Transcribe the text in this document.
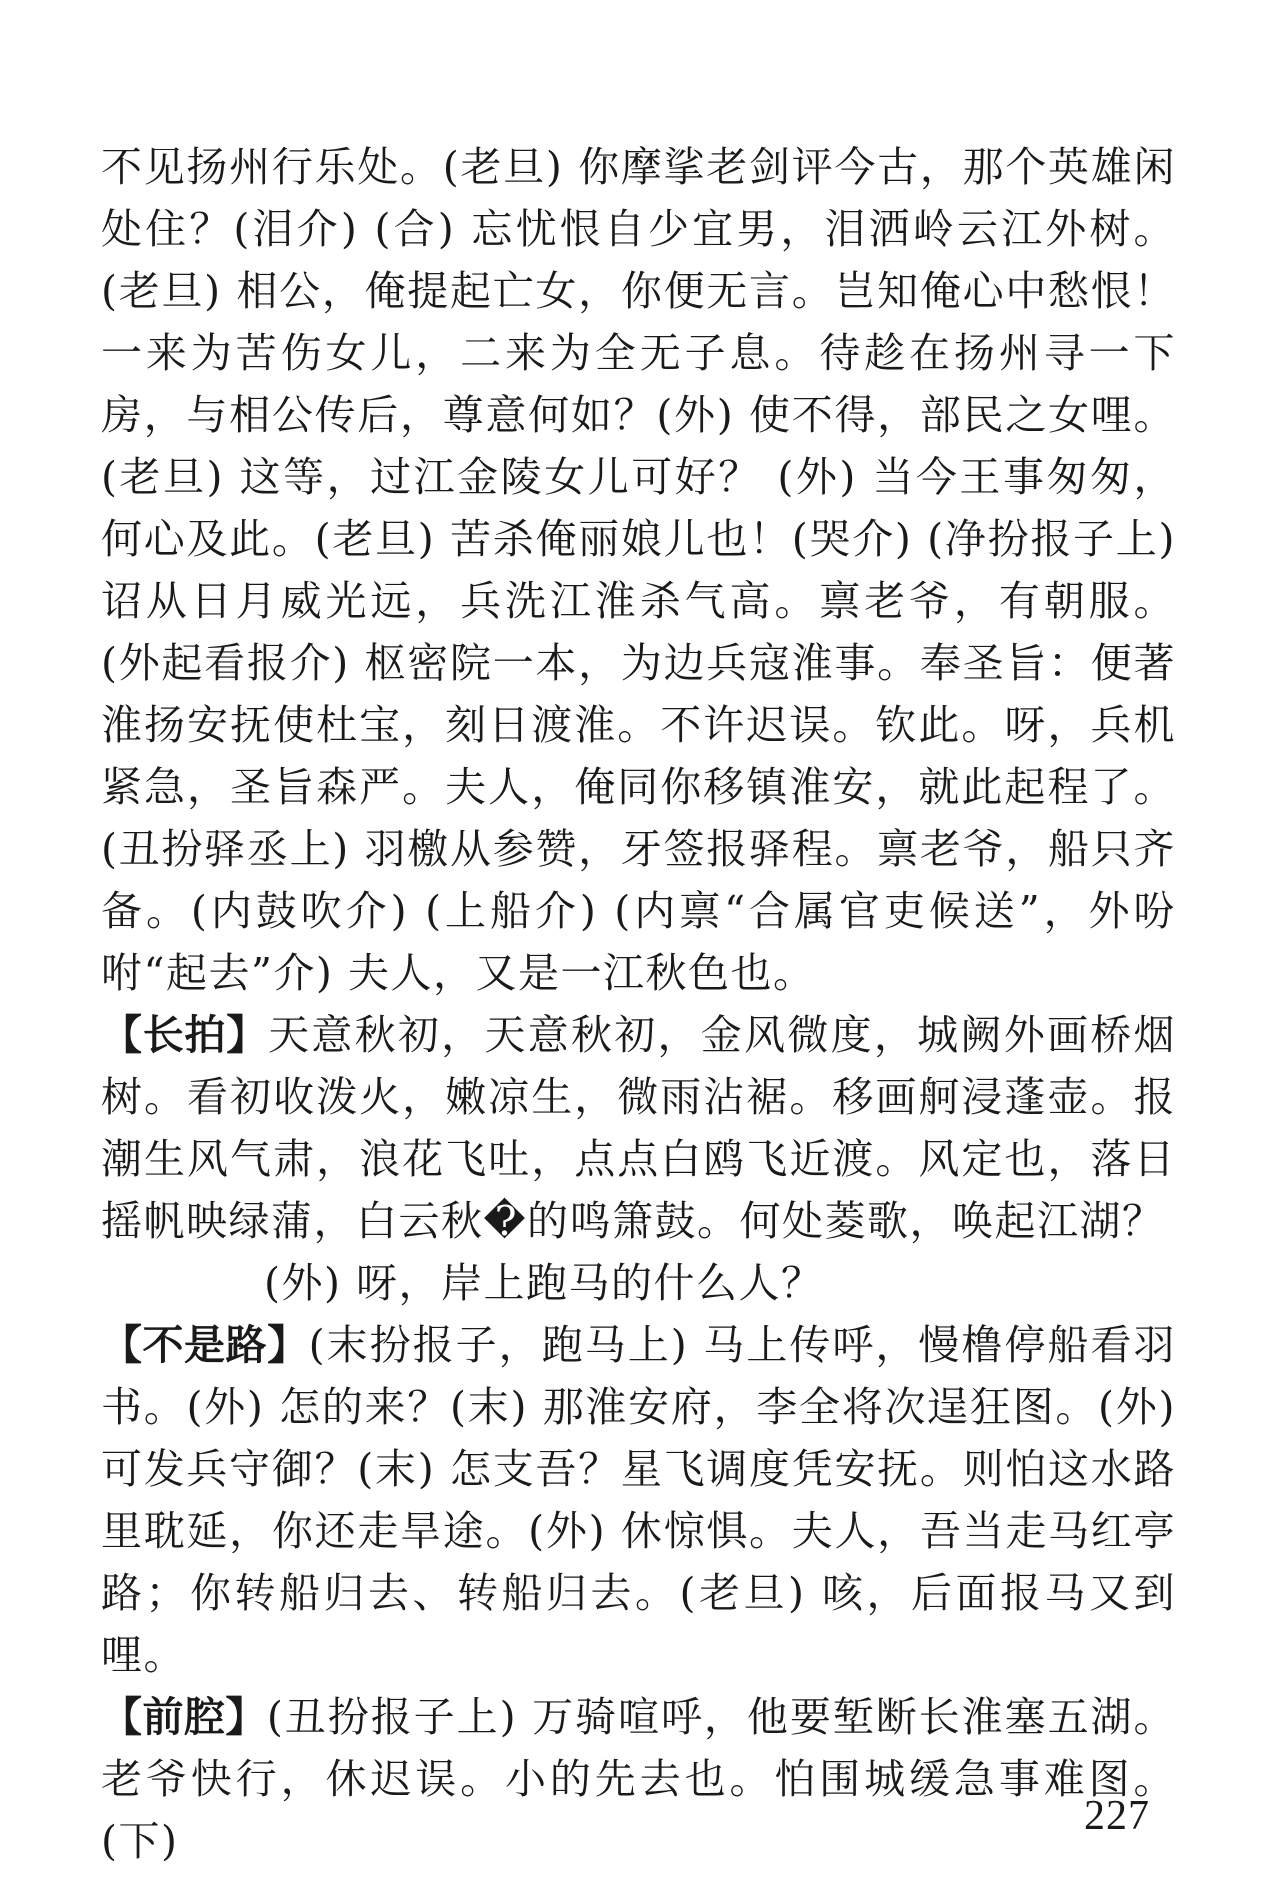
不见扬州行乐处。(老旦) 你摩挲老剑评今古，那个英雄闲处住？(泪介) (合) 忘忧恨自少宜男，泪洒岭云江外树。(老旦) 相公，俺提起亡女，你便无言。岂知俺心中愁恨！一来为苦伤女儿，二来为全无子息。待趁在扬州寻一下房，与相公传后，尊意何如？(外) 使不得，部民之女哩。(老旦) 这等，过江金陵女儿可好？ (外) 当今王事匆匆，何心及此。(老旦) 苦杀俺丽娘儿也！(哭介) (净扮报子上) 诏从日月威光远，兵洗江淮杀气高。禀老爷，有朝服。(外起看报介) 枢密院一本，为边兵寇淮事。奉圣旨：便著淮扬安抚使杜宝，刻日渡淮。不许迟误。钦此。呀，兵机紧急，圣旨森严。夫人，俺同你移镇淮安，就此起程了。(丑扮驿丞上) 羽檄从参赞，牙签报驿程。禀老爷，船只齐备。(内鼓吹介) (上船介) (内禀“合属官吏候送”，外吩咐“起去”介) 夫人，又是一江秋色也。

【长拍】天意秋初，天意秋初，金风微度，城阙外画桥烟树。看初收泼火，嫩凉生，微雨沾裾。移画舸浸蓬壶。报潮生风气肃，浪花飞吐，点点白鸥飞近渡。风定也，落日摇帆映绿蒲，白云秋�的鸣箫鼓。何处菱歌，唤起江湖？

(外) 呀，岸上跑马的什么人？

【不是路】(末扮报子，跑马上) 马上传呼，慢橹停船看羽书。(外) 怎的来？(末) 那淮安府，李全将次逞狂图。(外) 可发兵守御？(末) 怎支吾？星飞调度凭安抚。则怕这水路里耽延，你还走旱途。(外) 休惊惧。夫人，吾当走马红亭路；你转船归去、转船归去。(老旦) 咳，后面报马又到哩。

【前腔】(丑扮报子上) 万骑喧呼，他要堑断长淮塞五湖。老爷快行，休迟误。小的先去也。怕围城缓急事难图。 (下)

227
